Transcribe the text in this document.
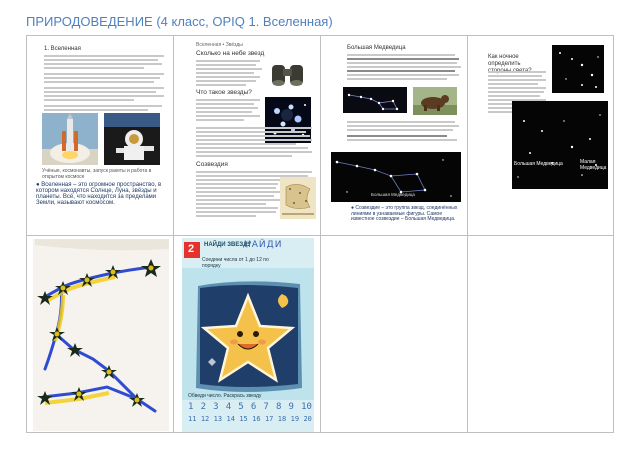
ПРИРОДОВЕДЕНИЕ (4 класс, OPIQ 1. Вселенная)
1. Вселенная
Учёные, космонавты, запуск ракеты и работа в открытом космосе
● Вселенная – это огромное пространство, в котором находятся Солнце, Луна, звёзды и планеты. Всё, что находится за пределами Земли, называют космосом.
Вселенная • Звёзды
Сколько на небе звезд
Что такое звезды?
Созвездия
Большая Медведица
Как ночное определить
Большая Медведица	Малая Медведица
Большая Медведица
● Созвездие – это группа звезд, соединённых линиями в узнаваемые фигуры. Самое известное созвездие – Большая Медведица.
2 НАЙДИ ЗВЕЗДУ
НАЙДИ
Соедини числа от 1 до 12 по порядку
Обведи число. Раскрась звезду
1 2 3 4 5 6 7 8 9 10
11 12 13 14 15 16 17 18 19 20
